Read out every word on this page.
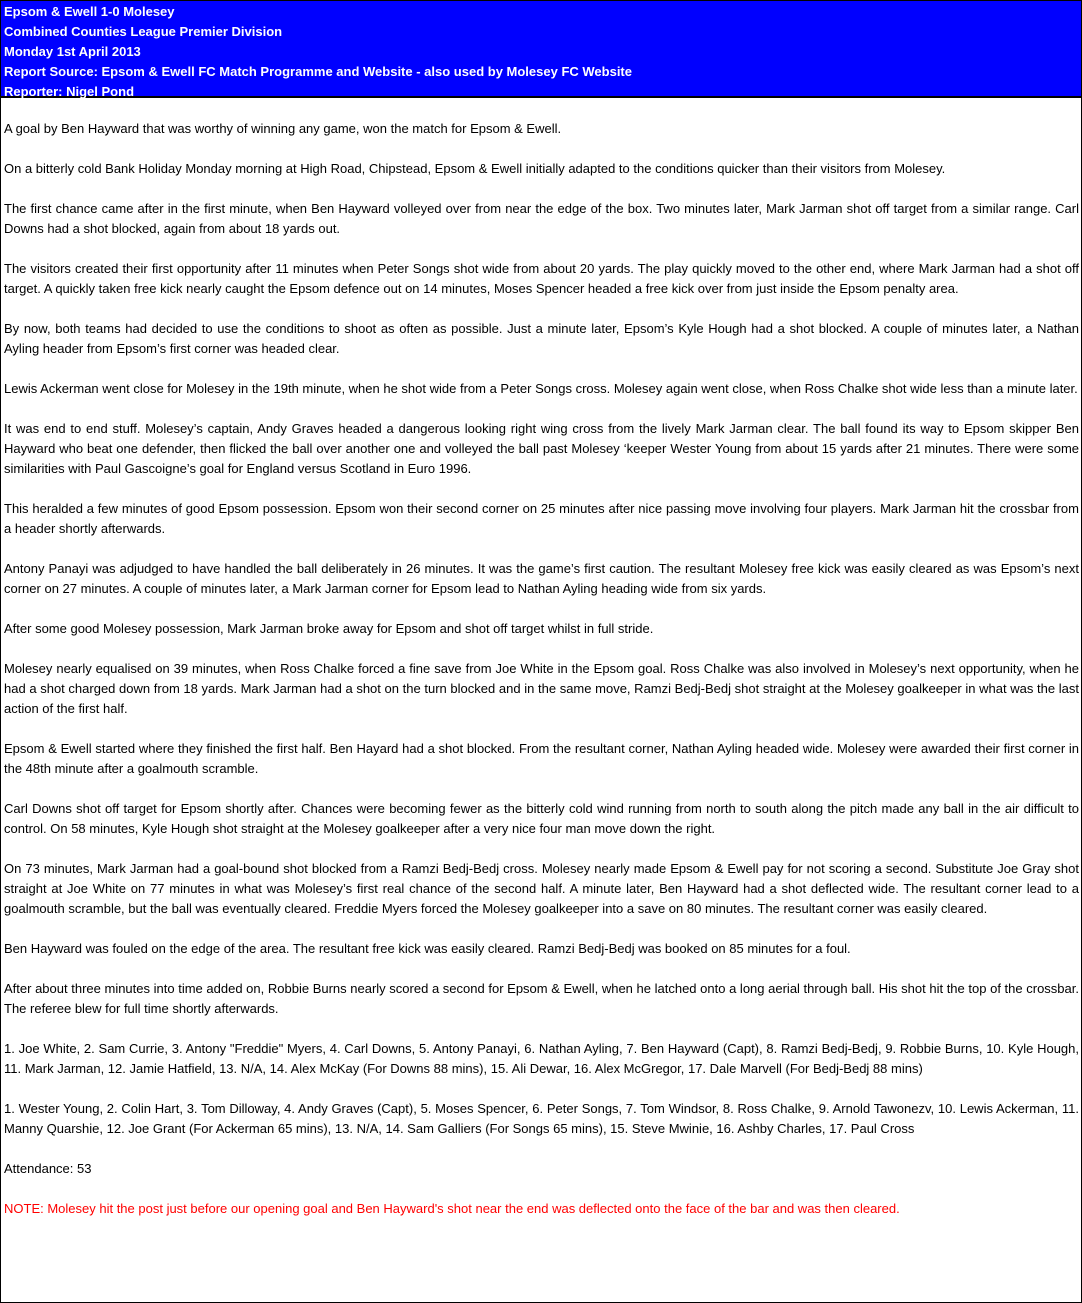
Epsom & Ewell 1-0 Molesey
Combined Counties League Premier Division
Monday 1st April 2013
Report Source: Epsom & Ewell FC Match Programme and Website - also used by Molesey FC Website
Reporter: Nigel Pond

A goal by Ben Hayward that was worthy of winning any game, won the match for Epsom & Ewell.

On a bitterly cold Bank Holiday Monday morning at High Road, Chipstead, Epsom & Ewell initially adapted to the conditions quicker than their visitors from Molesey.

The first chance came after in the first minute, when Ben Hayward volleyed over from near the edge of the box. Two minutes later, Mark Jarman shot off target from a similar range. Carl Downs had a shot blocked, again from about 18 yards out.

The visitors created their first opportunity after 11 minutes when Peter Songs shot wide from about 20 yards. The play quickly moved to the other end, where Mark Jarman had a shot off target. A quickly taken free kick nearly caught the Epsom defence out on 14 minutes, Moses Spencer headed a free kick over from just inside the Epsom penalty area.

By now, both teams had decided to use the conditions to shoot as often as possible. Just a minute later, Epsom’s Kyle Hough had a shot blocked. A couple of minutes later, a Nathan Ayling header from Epsom’s first corner was headed clear.

Lewis Ackerman went close for Molesey in the 19th minute, when he shot wide from a Peter Songs cross. Molesey again went close, when Ross Chalke shot wide less than a minute later.

It was end to end stuff. Molesey’s captain, Andy Graves headed a dangerous looking right wing cross from the lively Mark Jarman clear. The ball found its way to Epsom skipper Ben Hayward who beat one defender, then flicked the ball over another one and volleyed the ball past Molesey ‘keeper Wester Young from about 15 yards after 21 minutes. There were some similarities with Paul Gascoigne’s goal for England versus Scotland in Euro 1996.

This heralded a few minutes of good Epsom possession. Epsom won their second corner on 25 minutes after nice passing move involving four players. Mark Jarman hit the crossbar from a header shortly afterwards.

Antony Panayi was adjudged to have handled the ball deliberately in 26 minutes. It was the game’s first caution. The resultant Molesey free kick was easily cleared as was Epsom’s next corner on 27 minutes. A couple of minutes later, a Mark Jarman corner for Epsom lead to Nathan Ayling heading wide from six yards.

After some good Molesey possession, Mark Jarman broke away for Epsom and shot off target whilst in full stride.

Molesey nearly equalised on 39 minutes, when Ross Chalke forced a fine save from Joe White in the Epsom goal. Ross Chalke was also involved in Molesey’s next opportunity, when he had a shot charged down from 18 yards. Mark Jarman had a shot on the turn blocked and in the same move, Ramzi Bedj-Bedj shot straight at the Molesey goalkeeper in what was the last action of the first half.

Epsom & Ewell started where they finished the first half. Ben Hayard had a shot blocked. From the resultant corner, Nathan Ayling headed wide. Molesey were awarded their first corner in the 48th minute after a goalmouth scramble.

Carl Downs shot off target for Epsom shortly after. Chances were becoming fewer as the bitterly cold wind running from north to south along the pitch made any ball in the air difficult to control. On 58 minutes, Kyle Hough shot straight at the Molesey goalkeeper after a very nice four man move down the right.

On 73 minutes, Mark Jarman had a goal-bound shot blocked from a Ramzi Bedj-Bedj cross. Molesey nearly made Epsom & Ewell pay for not scoring a second. Substitute Joe Gray shot straight at Joe White on 77 minutes in what was Molesey’s first real chance of the second half. A minute later, Ben Hayward had a shot deflected wide. The resultant corner lead to a goalmouth scramble, but the ball was eventually cleared. Freddie Myers forced the Molesey goalkeeper into a save on 80 minutes. The resultant corner was easily cleared.

Ben Hayward was fouled on the edge of the area. The resultant free kick was easily cleared. Ramzi Bedj-Bedj was booked on 85 minutes for a foul.

After about three minutes into time added on, Robbie Burns nearly scored a second for Epsom & Ewell, when he latched onto a long aerial through ball. His shot hit the top of the crossbar. The referee blew for full time shortly afterwards.

1. Joe White, 2. Sam Currie, 3. Antony "Freddie" Myers, 4. Carl Downs, 5. Antony Panayi, 6. Nathan Ayling, 7. Ben Hayward (Capt), 8. Ramzi Bedj-Bedj, 9. Robbie Burns, 10. Kyle Hough, 11. Mark Jarman, 12. Jamie Hatfield, 13. N/A, 14. Alex McKay (For Downs 88 mins), 15. Ali Dewar, 16. Alex McGregor, 17. Dale Marvell (For Bedj-Bedj 88 mins)

1. Wester Young, 2. Colin Hart, 3. Tom Dilloway, 4. Andy Graves (Capt), 5. Moses Spencer, 6. Peter Songs, 7. Tom Windsor, 8. Ross Chalke, 9. Arnold Tawonezv, 10. Lewis Ackerman, 11. Manny Quarshie, 12. Joe Grant (For Ackerman 65 mins), 13. N/A, 14. Sam Galliers (For Songs 65 mins), 15. Steve Mwinie, 16. Ashby Charles, 17. Paul Cross

Attendance: 53

NOTE: Molesey hit the post just before our opening goal and Ben Hayward's shot near the end was deflected onto the face of the bar and was then cleared.
